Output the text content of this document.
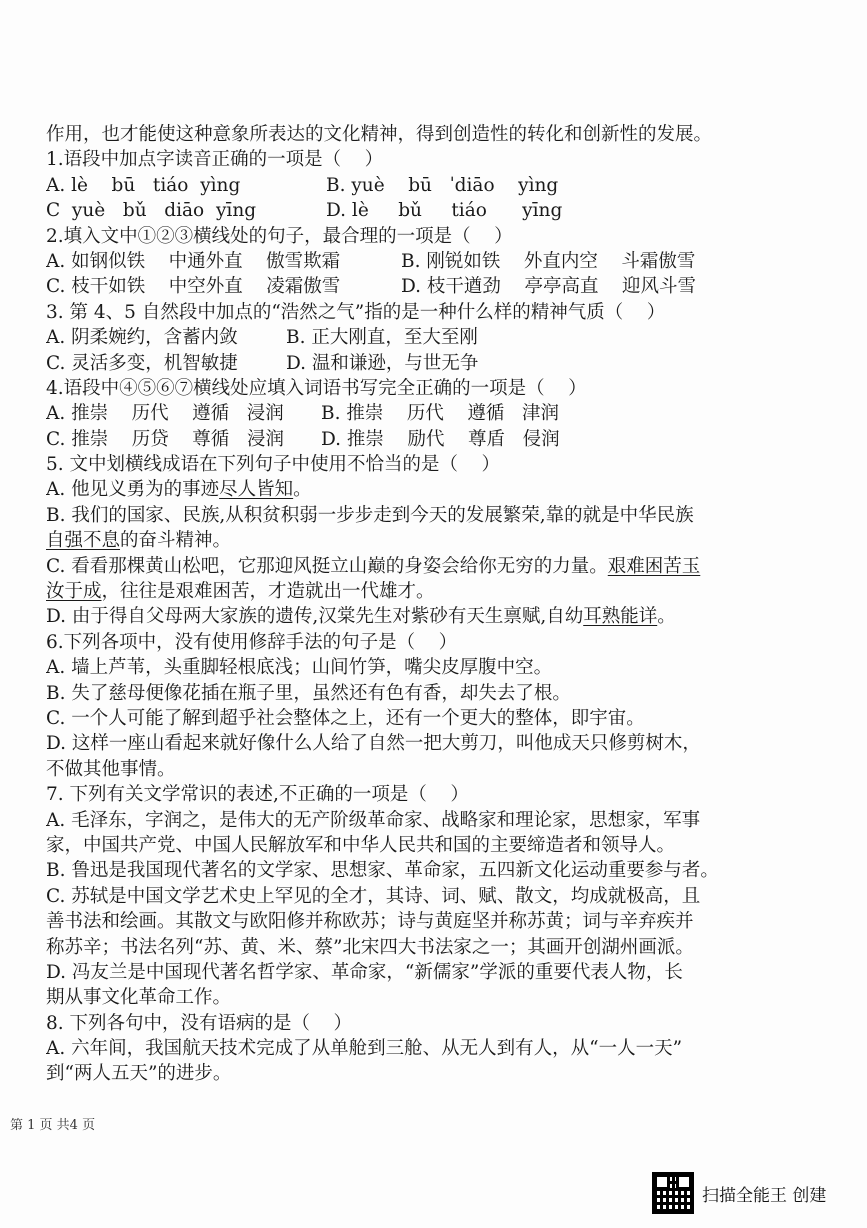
作用，也才能使这种意象所表达的文化精神，得到创造性的转化和创新性的发展。
1.语段中加点字读音正确的一项是（    ）
A. lè    bū   tiáo  yìng	B. yuè    bū   ˈdiāo    yìng
C  yuè   bǔ   diāo  yīng	D. lè     bǔ     tiáo      yīng
2.填入文中①②③横线处的句子，最合理的一项是（    ）
A. 如钢似铁    中通外直    傲雪欺霜	B. 刚锐如铁    外直内空    斗霜傲雪
C. 枝干如铁    中空外直    凌霜傲雪	D. 枝干遒劲    亭亭高直    迎风斗雪
3. 第 4、5 自然段中加点的“浩然之气”指的是一种什么样的精神气质（    ）
A. 阴柔婉约，含蓄内敛	B. 正大刚直，至大至刚
C. 灵活多变，机智敏捷	D. 温和谦逊，与世无争
4.语段中④⑤⑥⑦横线处应填入词语书写完全正确的一项是（    ）
A. 推崇    历代    遵循   浸润	B. 推崇    历代    遵循   津润
C. 推崇    历贷    尊循   浸润	D. 推崇    励代    尊盾   侵润
5. 文中划横线成语在下列句子中使用不恰当的是（    ）
A. 他见义勇为的事迹尽人皆知。
B. 我们的国家、民族,从积贫积弱一步步走到今天的发展繁荣,靠的就是中华民族
自强不息的奋斗精神。
C. 看看那棵黄山松吧，它那迎风挺立山巅的身姿会给你无穷的力量。艰难困苦玉
汝于成，往往是艰难困苦，才造就出一代雄才。
D. 由于得自父母两大家族的遗传,汉棠先生对紫砂有天生禀赋,自幼耳熟能详。
6.下列各项中，没有使用修辞手法的句子是（    ）
A. 墙上芦苇，头重脚轻根底浅；山间竹笋，嘴尖皮厚腹中空。
B. 失了慈母便像花插在瓶子里，虽然还有色有香，却失去了根。
C. 一个人可能了解到超乎社会整体之上，还有一个更大的整体，即宇宙。
D. 这样一座山看起来就好像什么人给了自然一把大剪刀，叫他成天只修剪树木，
不做其他事情。
7. 下列有关文学常识的表述,不正确的一项是（    ）
A. 毛泽东，字润之，是伟大的无产阶级革命家、战略家和理论家，思想家，军事
家，中国共产党、中国人民解放军和中华人民共和国的主要缔造者和领导人。
B. 鲁迅是我国现代著名的文学家、思想家、革命家，五四新文化运动重要参与者。
C. 苏轼是中国文学艺术史上罕见的全才，其诗、词、赋、散文，均成就极高，且
善书法和绘画。其散文与欧阳修并称欧苏；诗与黄庭坚并称苏黄；词与辛弃疾并
称苏辛；书法名列“苏、黄、米、蔡”北宋四大书法家之一；其画开创湖州画派。
D. 冯友兰是中国现代著名哲学家、革命家，“新儒家”学派的重要代表人物，长
期从事文化革命工作。
8. 下列各句中，没有语病的是（    ）
A. 六年间，我国航天技术完成了从单舱到三舱、从无人到有人，从“一人一天”
到“两人五天”的进步。
第 1 页 共4 页
扫描全能王 创建
